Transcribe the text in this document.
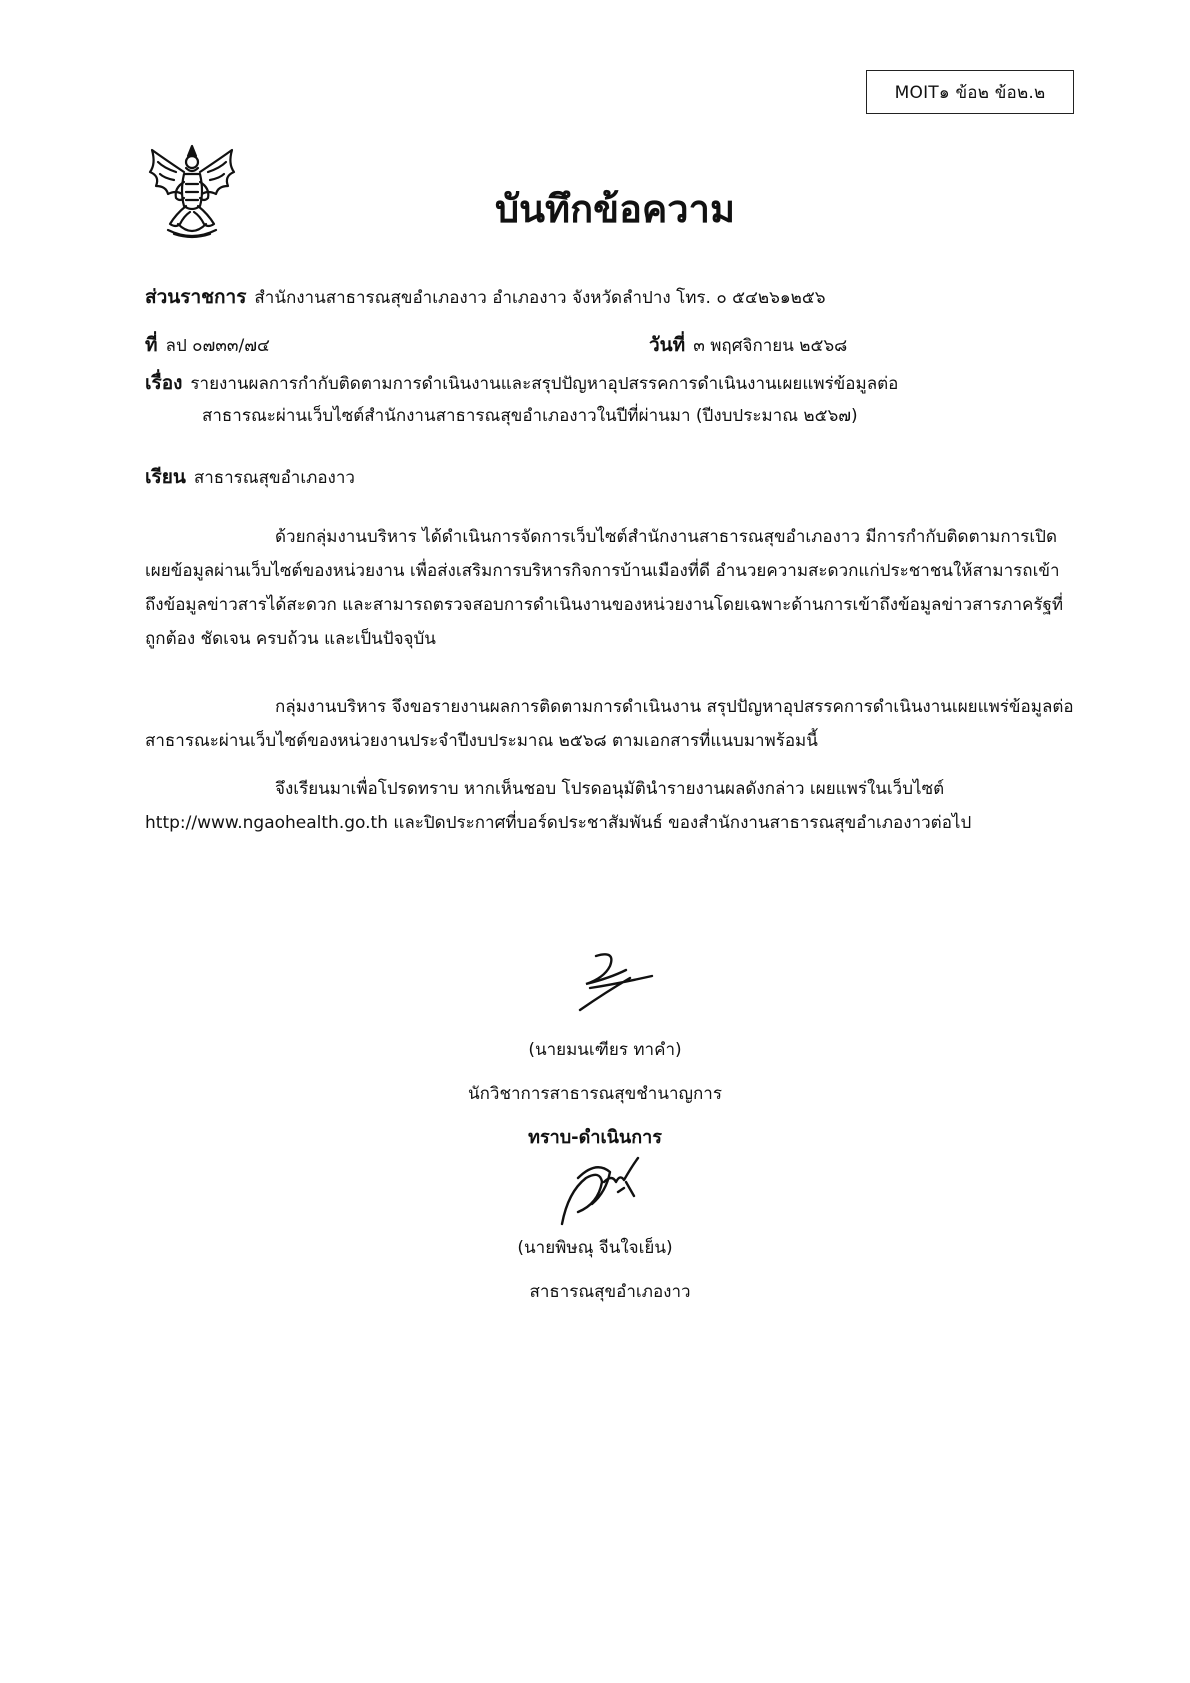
MOIT๑ ข้อ๒ ข้อ๒.๒
บันทึกข้อความ
ส่วนราชการ สำนักงานสาธารณสุขอำเภองาว อำเภองาว จังหวัดลำปาง โทร. ๐ ๕๔๒๖๑๒๕๖
ที่ ลป ๐๗๓๓/๗๔	วันที่ ๓ พฤศจิกายน ๒๕๖๘
เรื่อง รายงานผลการกำกับติดตามการดำเนินงานและสรุปปัญหาอุปสรรคการดำเนินงานเผยแพร่ข้อมูลต่อ
สาธารณะผ่านเว็บไซต์สำนักงานสาธารณสุขอำเภองาวในปีที่ผ่านมา (ปีงบประมาณ ๒๕๖๗)
เรียน สาธารณสุขอำเภองาว
ด้วยกลุ่มงานบริหาร ได้ดำเนินการจัดการเว็บไซต์สำนักงานสาธารณสุขอำเภองาว มีการกำกับติดตามการเปิดเผยข้อมูลผ่านเว็บไซต์ของหน่วยงาน เพื่อส่งเสริมการบริหารกิจการบ้านเมืองที่ดี อำนวยความสะดวกแก่ประชาชนให้สามารถเข้าถึงข้อมูลข่าวสารได้สะดวก และสามารถตรวจสอบการดำเนินงานของหน่วยงานโดยเฉพาะด้านการเข้าถึงข้อมูลข่าวสารภาครัฐที่ถูกต้อง ชัดเจน ครบถ้วน และเป็นปัจจุบัน
กลุ่มงานบริหาร จึงขอรายงานผลการติดตามการดำเนินงาน สรุปปัญหาอุปสรรคการดำเนินงานเผยแพร่ข้อมูลต่อสาธารณะผ่านเว็บไซต์ของหน่วยงานประจำปีงบประมาณ ๒๕๖๘ ตามเอกสารที่แนบมาพร้อมนี้
จึงเรียนมาเพื่อโปรดทราบ หากเห็นชอบ โปรดอนุมัตินำรายงานผลดังกล่าว เผยแพร่ในเว็บไซต์ http://www.ngaohealth.go.th และปิดประกาศที่บอร์ดประชาสัมพันธ์ ของสำนักงานสาธารณสุขอำเภองาวต่อไป
(นายมนเฑียร ทาคำ)
นักวิชาการสาธารณสุขชำนาญการ
ทราบ-ดำเนินการ
(นายพิษณุ จีนใจเย็น)
สาธารณสุขอำเภองาว
